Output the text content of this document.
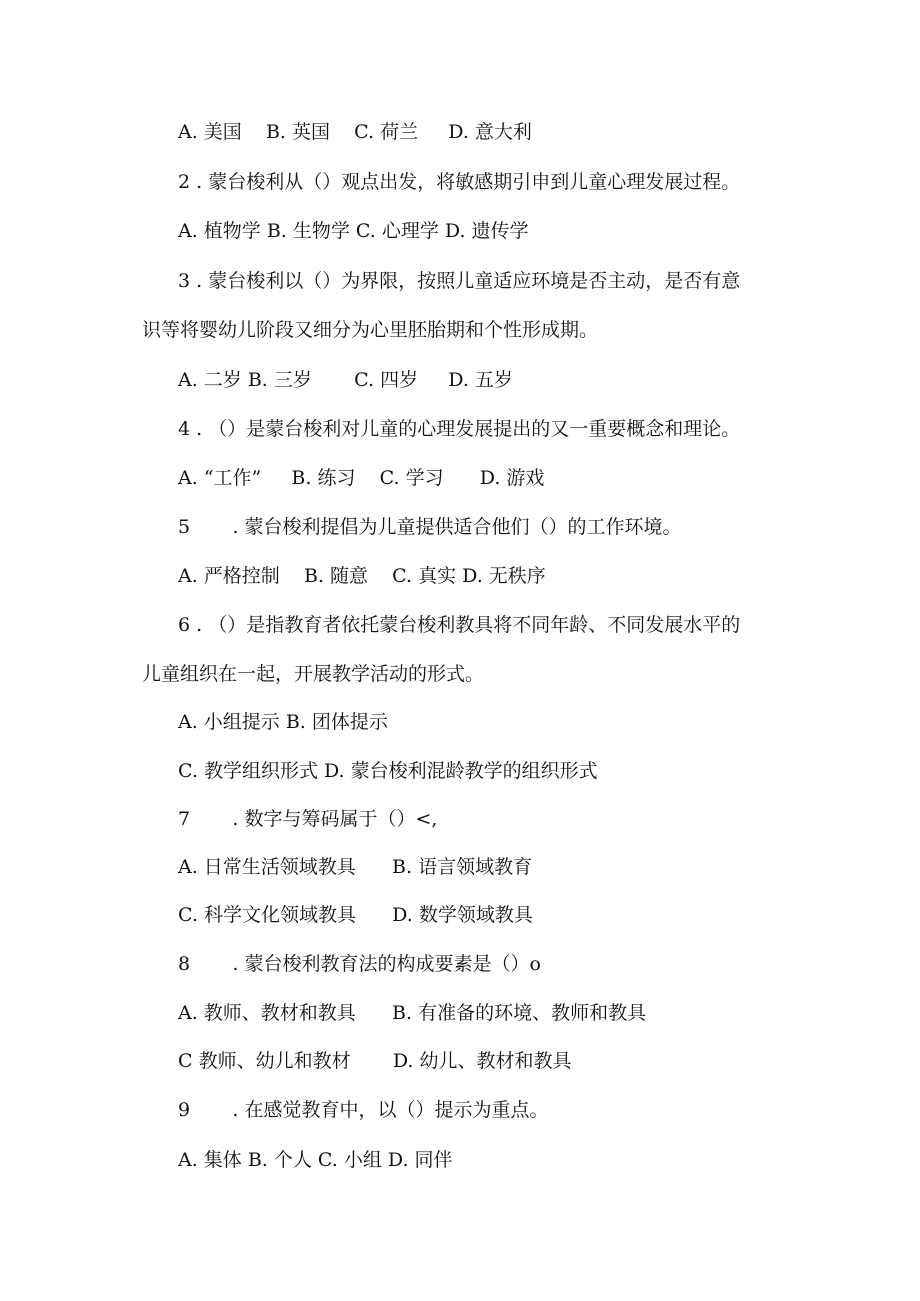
A. 美国    B. 英国    C. 荷兰     D. 意大利
2 . 蒙台梭利从（）观点出发，将敏感期引申到儿童心理发展过程。
A. 植物学 B. 生物学 C. 心理学 D. 遗传学
3 . 蒙台梭利以（）为界限，按照儿童适应环境是否主动，是否有意
识等将婴幼儿阶段又细分为心里胚胎期和个性形成期。
A. 二岁 B. 三岁       C. 四岁     D. 五岁
4 . （）是蒙台梭利对儿童的心理发展提出的又一重要概念和理论。
A. “工作”     B. 练习    C. 学习      D. 游戏
5       . 蒙台梭利提倡为儿童提供适合他们（）的工作环境。
A. 严格控制    B. 随意    C. 真实 D. 无秩序
6 . （）是指教育者依托蒙台梭利教具将不同年龄、不同发展水平的
儿童组织在一起，开展教学活动的形式。
A. 小组提示 B. 团体提示
C. 教学组织形式 D. 蒙台梭利混龄教学的组织形式
7       . 数字与筹码属于（）<,
A. 日常生活领域教具      B. 语言领域教育
C. 科学文化领域教具      D. 数学领域教具
8       . 蒙台梭利教育法的构成要素是（）o
A. 教师、教材和教具      B. 有准备的环境、教师和教具
C 教师、幼儿和教材       D. 幼儿、教材和教具
9       . 在感觉教育中，以（）提示为重点。
A. 集体 B. 个人 C. 小组 D. 同伴
